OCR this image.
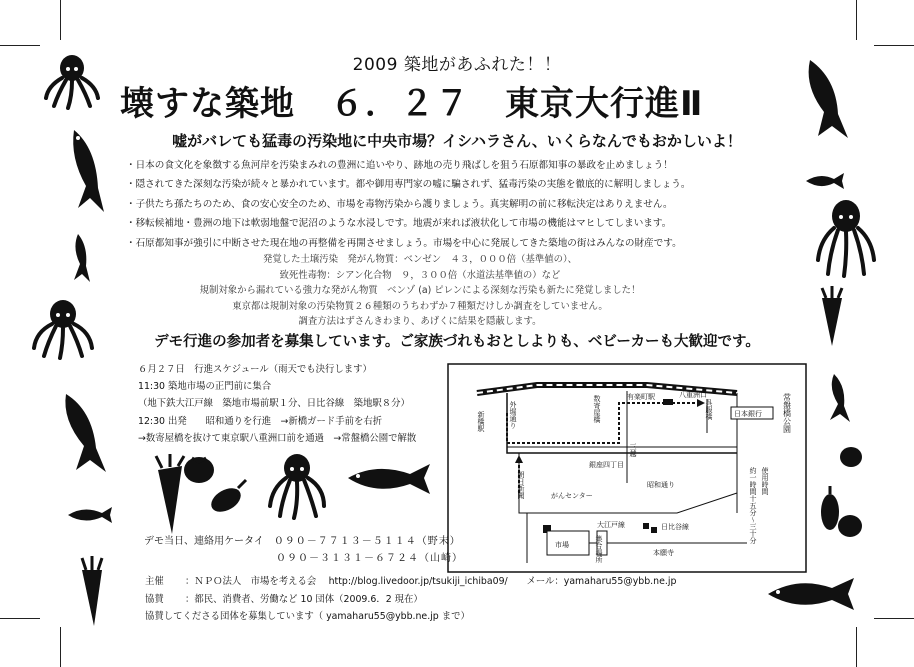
2009 築地があふれた！！
壊すな築地　６．２７　東京大行進Ⅱ
嘘がバレても猛毒の汚染地に中央市場？イシハラさん、いくらなんでもおかしいよ！
・日本の食文化を象徴する魚河岸を汚染まみれの豊洲に追いやり、跡地の売り飛ばしを狙う石原都知事の暴政を止めましょう！
・隠されてきた深刻な汚染が続々と暴かれています。都や御用専門家の嘘に騙されず、猛毒汚染の実態を徹底的に解明しましょう。
・子供たち孫たちのため、食の安心安全のため、市場を毒物汚染から護りましょう。真実解明の前に移転決定はありえません。
・移転候補地・豊洲の地下は軟弱地盤で泥沼のような水浸しです。地震が来れば液状化して市場の機能はマヒしてしまいます。
・石原都知事が強引に中断させた現在地の再整備を再開させましょう。市場を中心に発展してきた築地の街はみんなの財産です。
発覚した土壌汚染　発がん物質：ベンゼン　４３，０００倍（基準値の）、
致死性毒物：シアン化合物　９，３００倍（水道法基準値の）など
規制対象から漏れている強力な発がん物質　ベンゾ (a) ピレンによる深刻な汚染も新たに発覚しました！
東京都は規制対象の汚染物質２６種類のうちわずか７種類だけしか調査をしていません。
調査方法はずさんきわまり、あげくに結果を隠蔽します。
デモ行進の参加者を募集しています。ご家族づれもおとしよりも、ベビーカーも大歓迎です。
６月２７日　行進スケジュール（雨天でも決行します）
11:30 築地市場の正門前に集合
（地下鉄大江戸線　築地市場前駅１分、日比谷線　築地駅８分）
12:30 出発　　昭和通りを行進　→新橋ガード手前を右折
→数寄屋橋を抜けて東京駅八重洲口前を通過　→常盤橋公園で解散
新橋駅	外堀通り	数寄屋橋	有楽町駅	八重洲口
呉服橋	日本銀行	常盤橋公園
銀座四丁目
三越
昭和通り
朝日新聞	がんセンター
日比谷線
大江戸線
本願寺
市場	集合場所
使用時間
約一時間十五分〜三十分
デモ当日、連絡用ケータイ　 ０９０－７７１３－５１１４（野末）
０９０－３１３１－６７２４（山崎）
主催 ：ＮＰＯ法人　市場を考える会　 http://blog.livedoor.jp/tsukiji_ichiba09/　　メール：yamaharu55@ybb.ne.jp
協賛 ：都民、消費者、労働など 10 団体（2009.6．2 現在）
協賛してくださる団体を募集しています（ yamaharu55@ybb.ne.jp まで）
